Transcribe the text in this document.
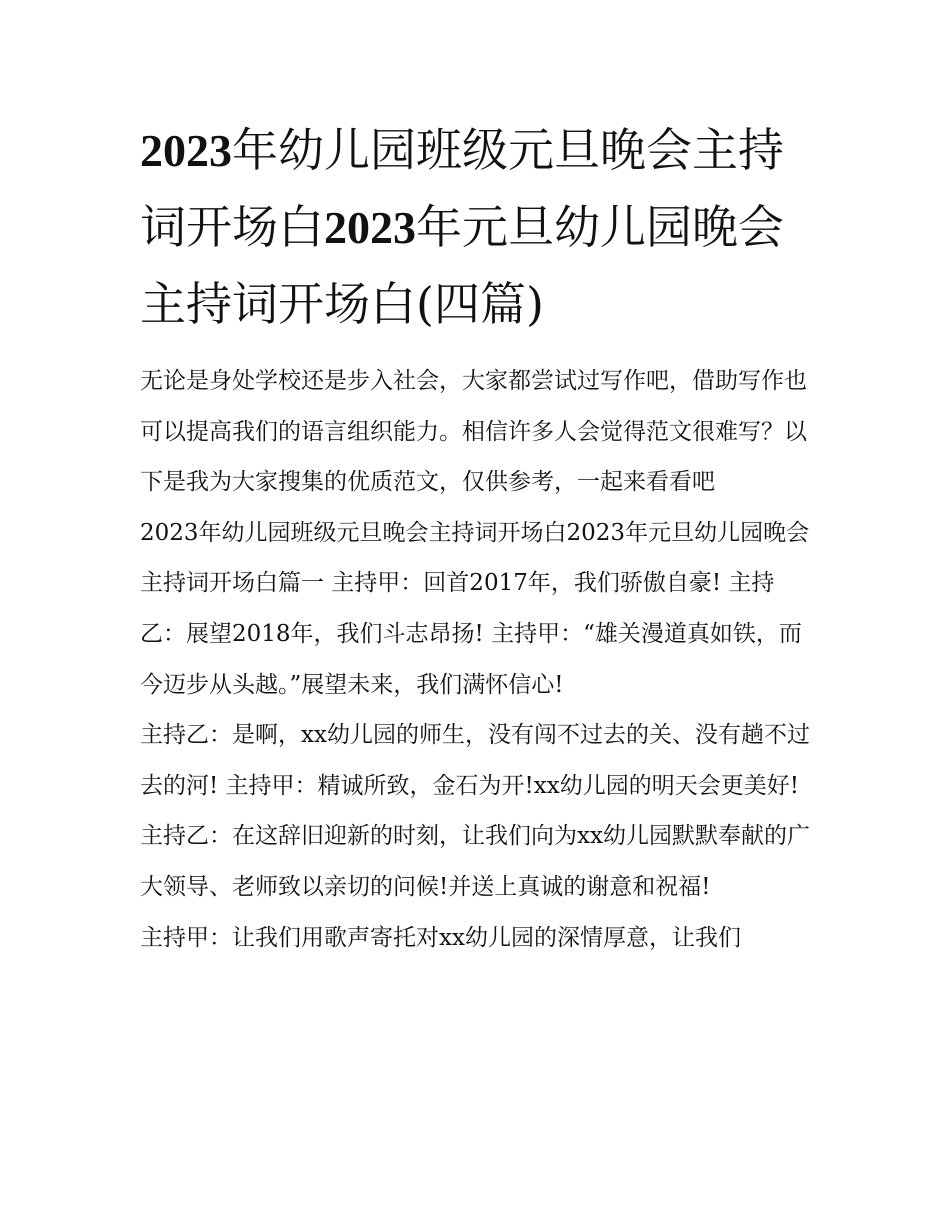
2023年幼儿园班级元旦晚会主持词开场白2023年元旦幼儿园晚会主持词开场白(四篇)

无论是身处学校还是步入社会，大家都尝试过写作吧，借助写作也可以提高我们的语言组织能力。相信许多人会觉得范文很难写？以下是我为大家搜集的优质范文，仅供参考，一起来看看吧

2023年幼儿园班级元旦晚会主持词开场白2023年元旦幼儿园晚会主持词开场白篇一 主持甲：回首2017年，我们骄傲自豪! 主持乙：展望2018年，我们斗志昂扬! 主持甲：“雄关漫道真如铁，而今迈步从头越。”展望未来，我们满怀信心!

主持乙：是啊，xx幼儿园的师生，没有闯不过去的关、没有趟不过去的河! 主持甲：精诚所致，金石为开!xx幼儿园的明天会更美好!

主持乙：在这辞旧迎新的时刻，让我们向为xx幼儿园默默奉献的广大领导、老师致以亲切的问候!并送上真诚的谢意和祝福!

主持甲：让我们用歌声寄托对xx幼儿园的深情厚意，让我们
